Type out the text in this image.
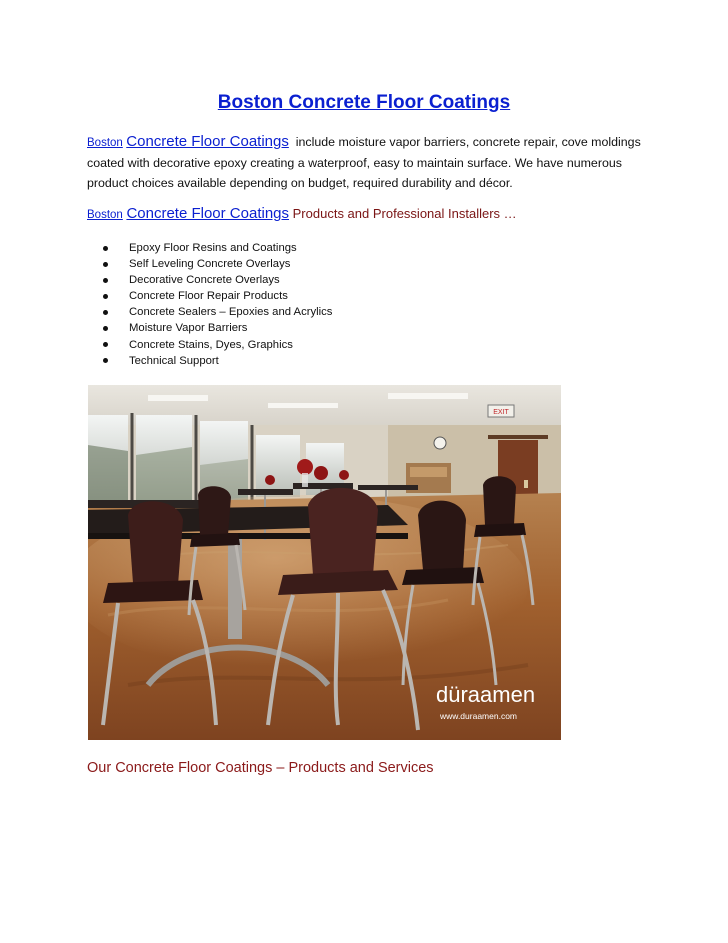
Boston Concrete Floor Coatings
Boston Concrete Floor Coatings include moisture vapor barriers, concrete repair, cove moldings coated with decorative epoxy creating a waterproof, easy to maintain surface. We have numerous product choices available depending on budget, required durability and décor.
Boston Concrete Floor Coatings Products and Professional Installers …
Epoxy Floor Resins and Coatings
Self Leveling Concrete Overlays
Decorative Concrete Overlays
Concrete Floor Repair Products
Concrete Sealers – Epoxies and Acrylics
Moisture Vapor Barriers
Concrete Stains, Dyes, Graphics
Technical Support
EXIT
düraamen
www.duraamen.com
Our Concrete Floor Coatings – Products and Services
